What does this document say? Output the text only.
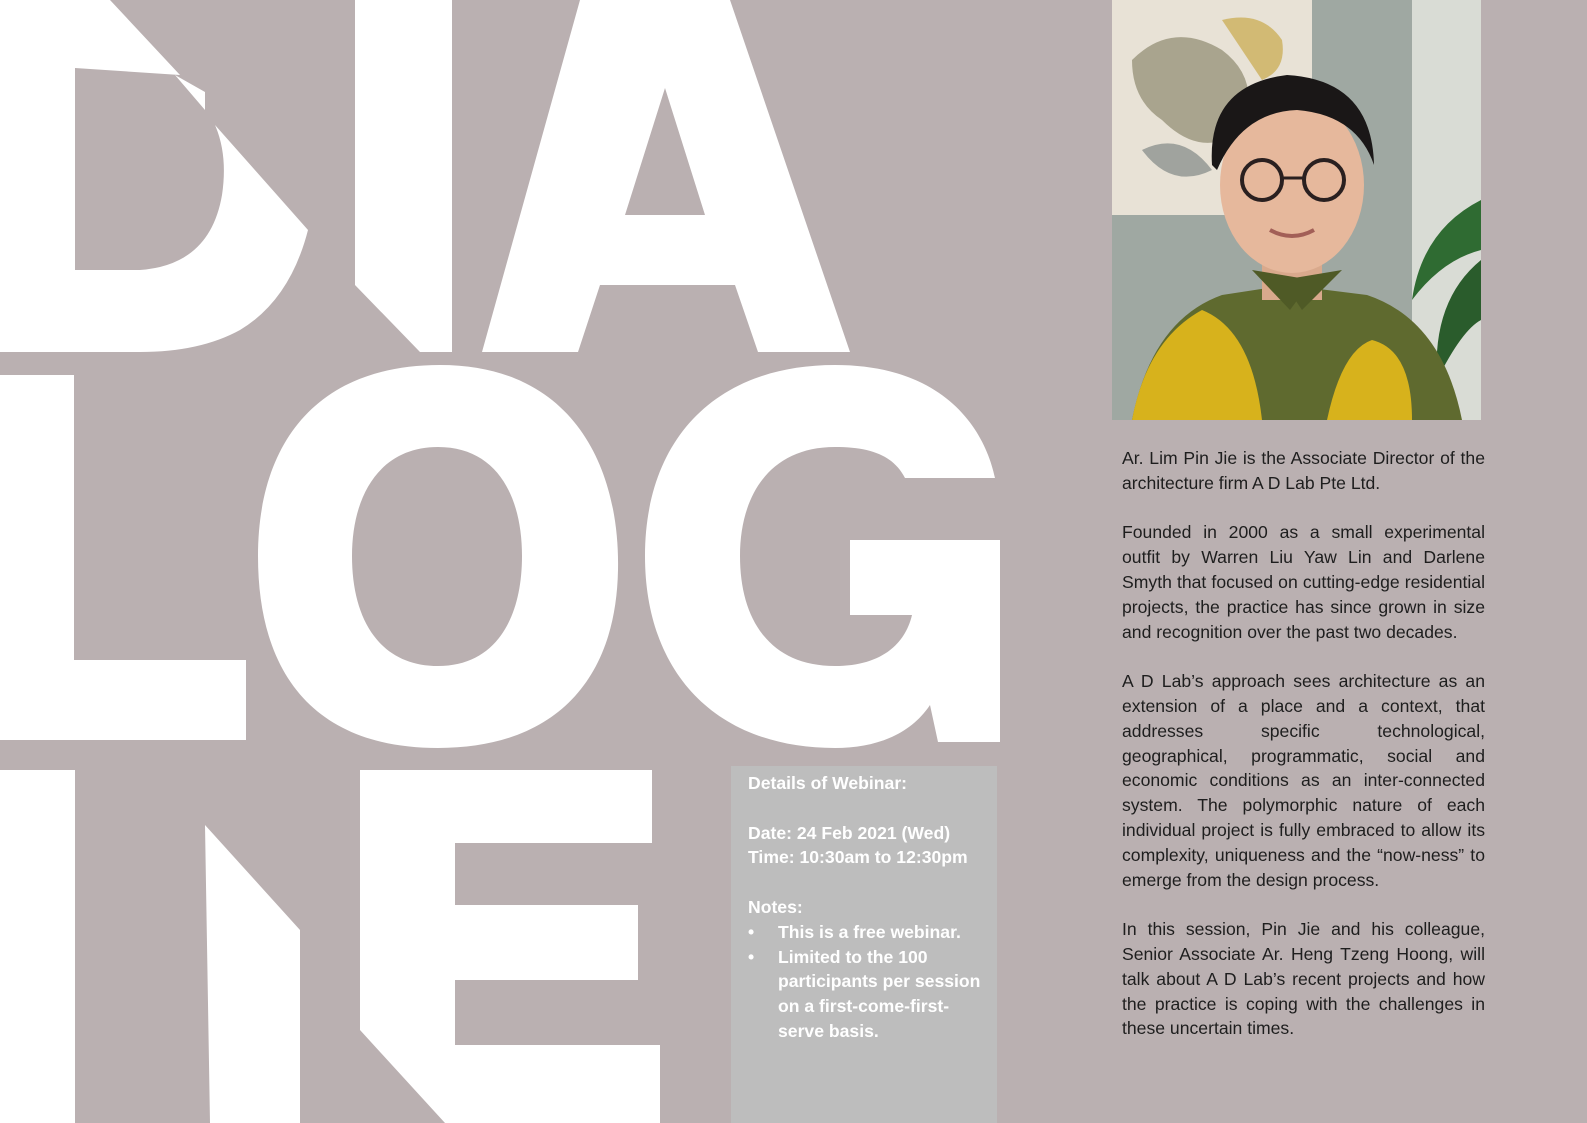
Ar. Lim Pin Jie is the Associate Director of the architecture firm A D Lab Pte Ltd.

Founded in 2000 as a small experimental outfit by Warren Liu Yaw Lin and Darlene Smyth that focused on cutting-edge residential projects, the practice has since grown in size and recognition over the past two decades.

A D Lab’s approach sees architecture as an extension of a place and a context, that addresses specific technological, geographical, programmatic, social and economic conditions as an inter-connected system. The polymorphic nature of each individual project is fully embraced to allow its complexity, uniqueness and the “now-ness” to emerge from the design process.

In this session, Pin Jie and his colleague, Senior Associate Ar. Heng Tzeng Hoong, will talk about A D Lab’s recent projects and how the practice is coping with the challenges in these uncertain times.

Details of Webinar:
Date: 24 Feb 2021 (Wed)
Time: 10:30am to 12:30pm
Notes:
• This is a free webinar.
• Limited to the 100 participants per session on a first-come-first-serve basis.
